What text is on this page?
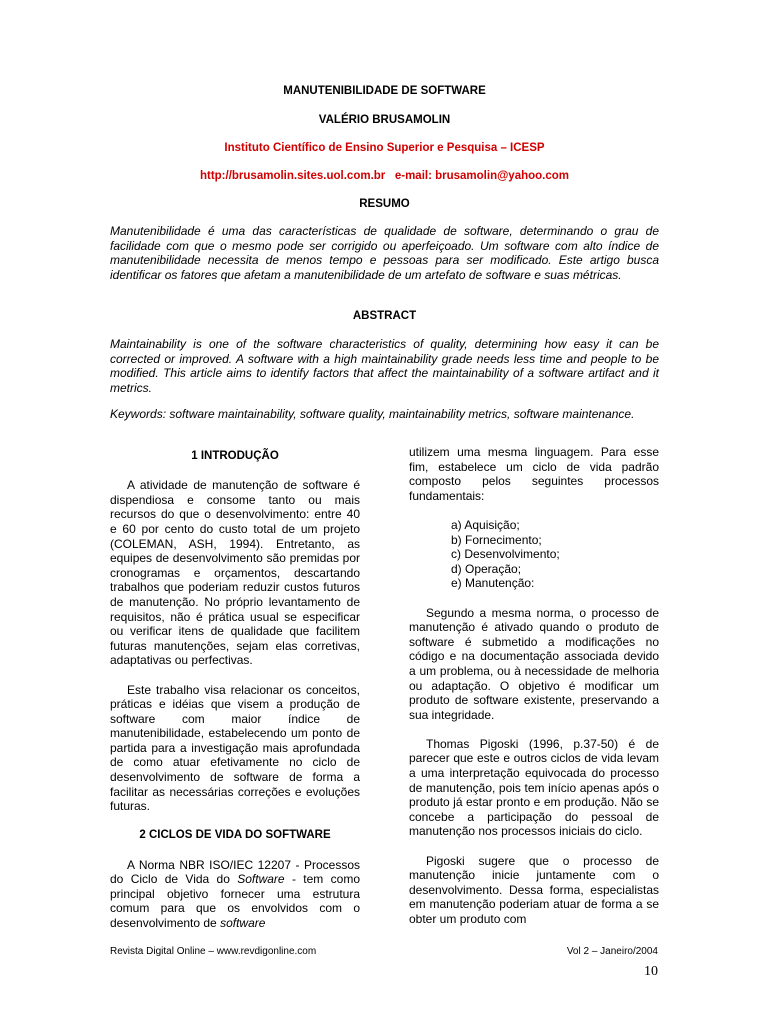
MANUTENIBILIDADE DE SOFTWARE
VALÉRIO BRUSAMOLIN
Instituto Científico de Ensino Superior e Pesquisa – ICESP
http://brusamolin.sites.uol.com.br   e-mail: brusamolin@yahoo.com
RESUMO

Manutenibilidade é uma das características de qualidade de software, determinando o grau de facilidade com que o mesmo pode ser corrigido ou aperfeiçoado. Um software com alto índice de manutenibilidade necessita de menos tempo e pessoas para ser modificado. Este artigo busca identificar os fatores que afetam a manutenibilidade de um artefato de software e suas métricas.

ABSTRACT

Maintainability is one of the software characteristics of quality, determining how easy it can be corrected or improved. A software with a high maintainability grade needs less time and people to be modified. This article aims to identify factors that affect the maintainability of a software artifact and it metrics.

Keywords: software maintainability, software quality, maintainability metrics, software maintenance.

1 INTRODUÇÃO

A atividade de manutenção de software é dispendiosa e consome tanto ou mais recursos do que o desenvolvimento: entre 40 e 60 por cento do custo total de um projeto (COLEMAN, ASH, 1994). Entretanto, as equipes de desenvolvimento são premidas por cronogramas e orçamentos, descartando trabalhos que poderiam reduzir custos futuros de manutenção. No próprio levantamento de requisitos, não é prática usual se especificar ou verificar itens de qualidade que facilitem futuras manutenções, sejam elas corretivas, adaptativas ou perfectivas.

Este trabalho visa relacionar os conceitos, práticas e idéias que visem a produção de software com maior índice de manutenibilidade, estabelecendo um ponto de partida para a investigação mais aprofundada de como atuar efetivamente no ciclo de desenvolvimento de software de forma a facilitar as necessárias correções e evoluções futuras.

2 CICLOS DE VIDA DO SOFTWARE

A Norma NBR ISO/IEC 12207 - Processos do Ciclo de Vida do Software - tem como principal objetivo fornecer uma estrutura comum para que os envolvidos com o desenvolvimento de software

utilizem uma mesma linguagem. Para esse fim, estabelece um ciclo de vida padrão composto pelos seguintes processos fundamentais:

a) Aquisição;
b) Fornecimento;
c) Desenvolvimento;
d) Operação;
e) Manutenção:

Segundo a mesma norma, o processo de manutenção é ativado quando o produto de software é submetido a modificações no código e na documentação associada devido a um problema, ou à necessidade de melhoria ou adaptação. O objetivo é modificar um produto de software existente, preservando a sua integridade.

Thomas Pigoski (1996, p.37-50) é de parecer que este e outros ciclos de vida levam a uma interpretação equivocada do processo de manutenção, pois tem início apenas após o produto já estar pronto e em produção. Não se concebe a participação do pessoal de manutenção nos processos iniciais do ciclo.

Pigoski sugere que o processo de manutenção inicie juntamente com o desenvolvimento. Dessa forma, especialistas em manutenção poderiam atuar de forma a se obter um produto com

Revista Digital Online – www.revdigonline.com	Vol 2 – Janeiro/2004
10
